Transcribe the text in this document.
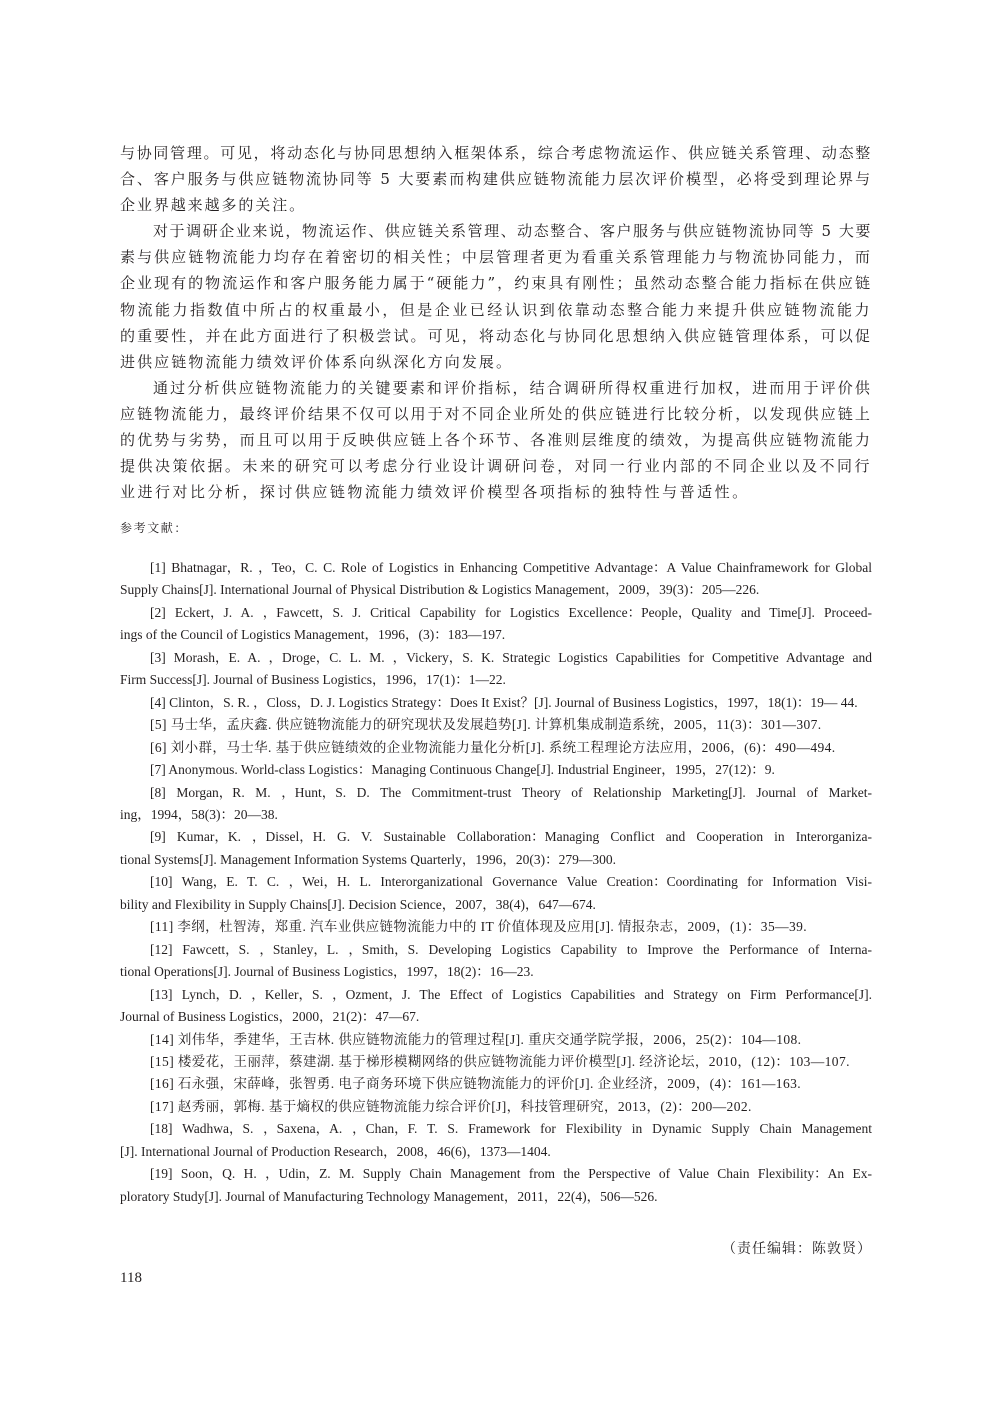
与协同管理。可见，将动态化与协同思想纳入框架体系，综合考虑物流运作、供应链关系管理、动态整
合、客户服务与供应链物流协同等 5 大要素而构建供应链物流能力层次评价模型，必将受到理论界与
企业界越来越多的关注。
对于调研企业来说，物流运作、供应链关系管理、动态整合、客户服务与供应链物流协同等 5 大要
素与供应链物流能力均存在着密切的相关性；中层管理者更为看重关系管理能力与物流协同能力，而
企业现有的物流运作和客户服务能力属于“硬能力”，约束具有刚性；虽然动态整合能力指标在供应链
物流能力指数值中所占的权重最小，但是企业已经认识到依靠动态整合能力来提升供应链物流能力
的重要性，并在此方面进行了积极尝试。可见，将动态化与协同化思想纳入供应链管理体系，可以促
进供应链物流能力绩效评价体系向纵深化方向发展。
通过分析供应链物流能力的关键要素和评价指标，结合调研所得权重进行加权，进而用于评价供
应链物流能力，最终评价结果不仅可以用于对不同企业所处的供应链进行比较分析，以发现供应链上
的优势与劣势，而且可以用于反映供应链上各个环节、各准则层维度的绩效，为提高供应链物流能力
提供决策依据。未来的研究可以考虑分行业设计调研问卷，对同一行业内部的不同企业以及不同行
业进行对比分析，探讨供应链物流能力绩效评价模型各项指标的独特性与普适性。
参考文献：
[1] Bhatnagar，R. ，Teo，C. C. Role of Logistics in Enhancing Competitive Advantage：A Value Chainframework for Global
Supply Chains[J]. International Journal of Physical Distribution & Logistics Management，2009，39(3)：205—226.
[2] Eckert，J. A. ，Fawcett，S. J. Critical Capability for Logistics Excellence：People，Quality and Time[J]. Proceed-
ings of the Council of Logistics Management，1996，(3)：183—197.
[3] Morash，E. A. ，Droge，C. L. M. ，Vickery，S. K. Strategic Logistics Capabilities for Competitive Advantage and
Firm Success[J]. Journal of Business Logistics，1996，17(1)：1—22.
[4] Clinton，S. R. ，Closs，D. J. Logistics Strategy：Does It Exist？[J]. Journal of Business Logistics，1997，18(1)：19— 44.
[5] 马士华，孟庆鑫. 供应链物流能力的研究现状及发展趋势[J]. 计算机集成制造系统，2005，11(3)：301—307.
[6] 刘小群，马士华. 基于供应链绩效的企业物流能力量化分析[J]. 系统工程理论方法应用，2006，(6)：490—494.
[7] Anonymous. World-class Logistics：Managing Continuous Change[J]. Industrial Engineer，1995，27(12)：9.
[8] Morgan，R. M. ，Hunt，S. D. The Commitment-trust Theory of Relationship Marketing[J]. Journal of Market-
ing，1994，58(3)：20—38.
[9] Kumar，K. ，Dissel，H. G. V. Sustainable Collaboration：Managing Conflict and Cooperation in Interorganiza-
tional Systems[J]. Management Information Systems Quarterly，1996，20(3)：279—300.
[10] Wang，E. T. C. ，Wei，H. L. Interorganizational Governance Value Creation：Coordinating for Information Visi-
bility and Flexibility in Supply Chains[J]. Decision Science，2007，38(4)，647—674.
[11] 李纲，杜智涛，郑重. 汽车业供应链物流能力中的 IT 价值体现及应用[J]. 情报杂志，2009，(1)：35—39.
[12] Fawcett，S. ，Stanley，L. ，Smith，S. Developing Logistics Capability to Improve the Performance of Interna-
tional Operations[J]. Journal of Business Logistics，1997，18(2)：16—23.
[13] Lynch，D. ，Keller，S. ，Ozment，J. The Effect of Logistics Capabilities and Strategy on Firm Performance[J].
Journal of Business Logistics，2000，21(2)：47—67.
[14] 刘伟华，季建华，王吉林. 供应链物流能力的管理过程[J]. 重庆交通学院学报，2006，25(2)：104—108.
[15] 楼爱花，王丽萍，蔡建湖. 基于梯形模糊网络的供应链物流能力评价模型[J]. 经济论坛，2010，(12)：103—107.
[16] 石永强，宋薛峰，张智勇. 电子商务环境下供应链物流能力的评价[J]. 企业经济，2009，(4)：161—163.
[17] 赵秀丽，郭梅. 基于熵权的供应链物流能力综合评价[J]，科技管理研究，2013，(2)：200—202.
[18] Wadhwa，S. ，Saxena，A. ，Chan，F. T. S. Framework for Flexibility in Dynamic Supply Chain Management
[J]. International Journal of Production Research，2008，46(6)，1373—1404.
[19] Soon，Q. H. ，Udin，Z. M. Supply Chain Management from the Perspective of Value Chain Flexibility：An Ex-
ploratory Study[J]. Journal of Manufacturing Technology Management，2011，22(4)，506—526.
（责任编辑：陈敦贤）
118
